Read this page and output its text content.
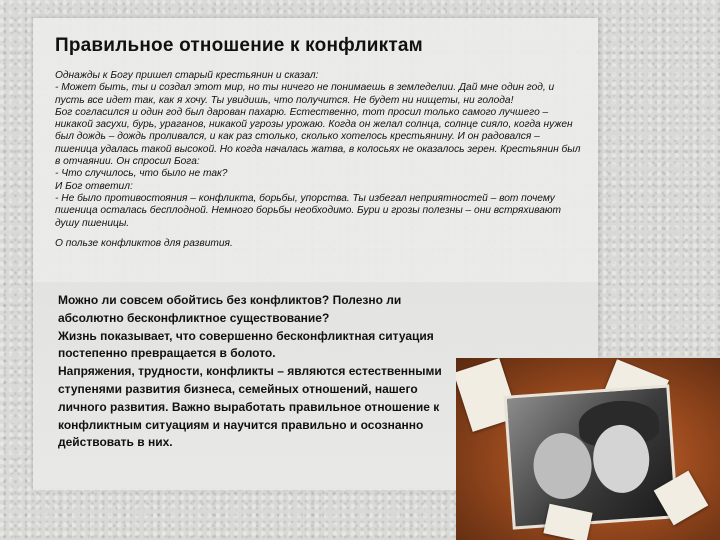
Правильное отношение к конфликтам

Однажды к Богу пришел старый крестьянин и сказал:

- Может быть, ты и создал этот мир, но ты ничего не понимаешь в земледелии. Дай мне один год, и пусть все идет так, как я хочу. Ты увидишь, что получится. Не будет ни нищеты, ни голода!

Бог согласился и один год был дарован пахарю. Естественно, тот просил только самого лучшего – никакой засухи, бурь, ураганов, никакой угрозы урожаю. Когда он желал солнца, солнце сияло, когда нужен был дождь – дождь проливался, и как раз столько, сколько хотелось крестьянину. И он радовался – пшеница удалась такой высокой. Но когда началась жатва, в колосьях не оказалось зерен. Крестьянин был в отчаянии. Он спросил Бога:

- Что случилось, что было не так?

И Бог ответил:

- Не было противостояния – конфликта, борьбы, упорства. Ты избегал неприятностей – вот почему пшеница осталась бесплодной. Немного борьбы необходимо. Бури и грозы полезны – они встряхивают душу пшеницы.

О пользе конфликтов для развития.

Можно ли совсем обойтись без конфликтов? Полезно ли абсолютно бесконфликтное существование?

Жизнь показывает, что совершенно бесконфликтная ситуация постепенно превращается в болото.

Напряжения, трудности, конфликты – являются естественными ступенями развития бизнеса, семейных отношений, нашего личного развития. Важно выработать правильное отношение к конфликтным ситуациям и научится правильно и осознанно действовать в них.
